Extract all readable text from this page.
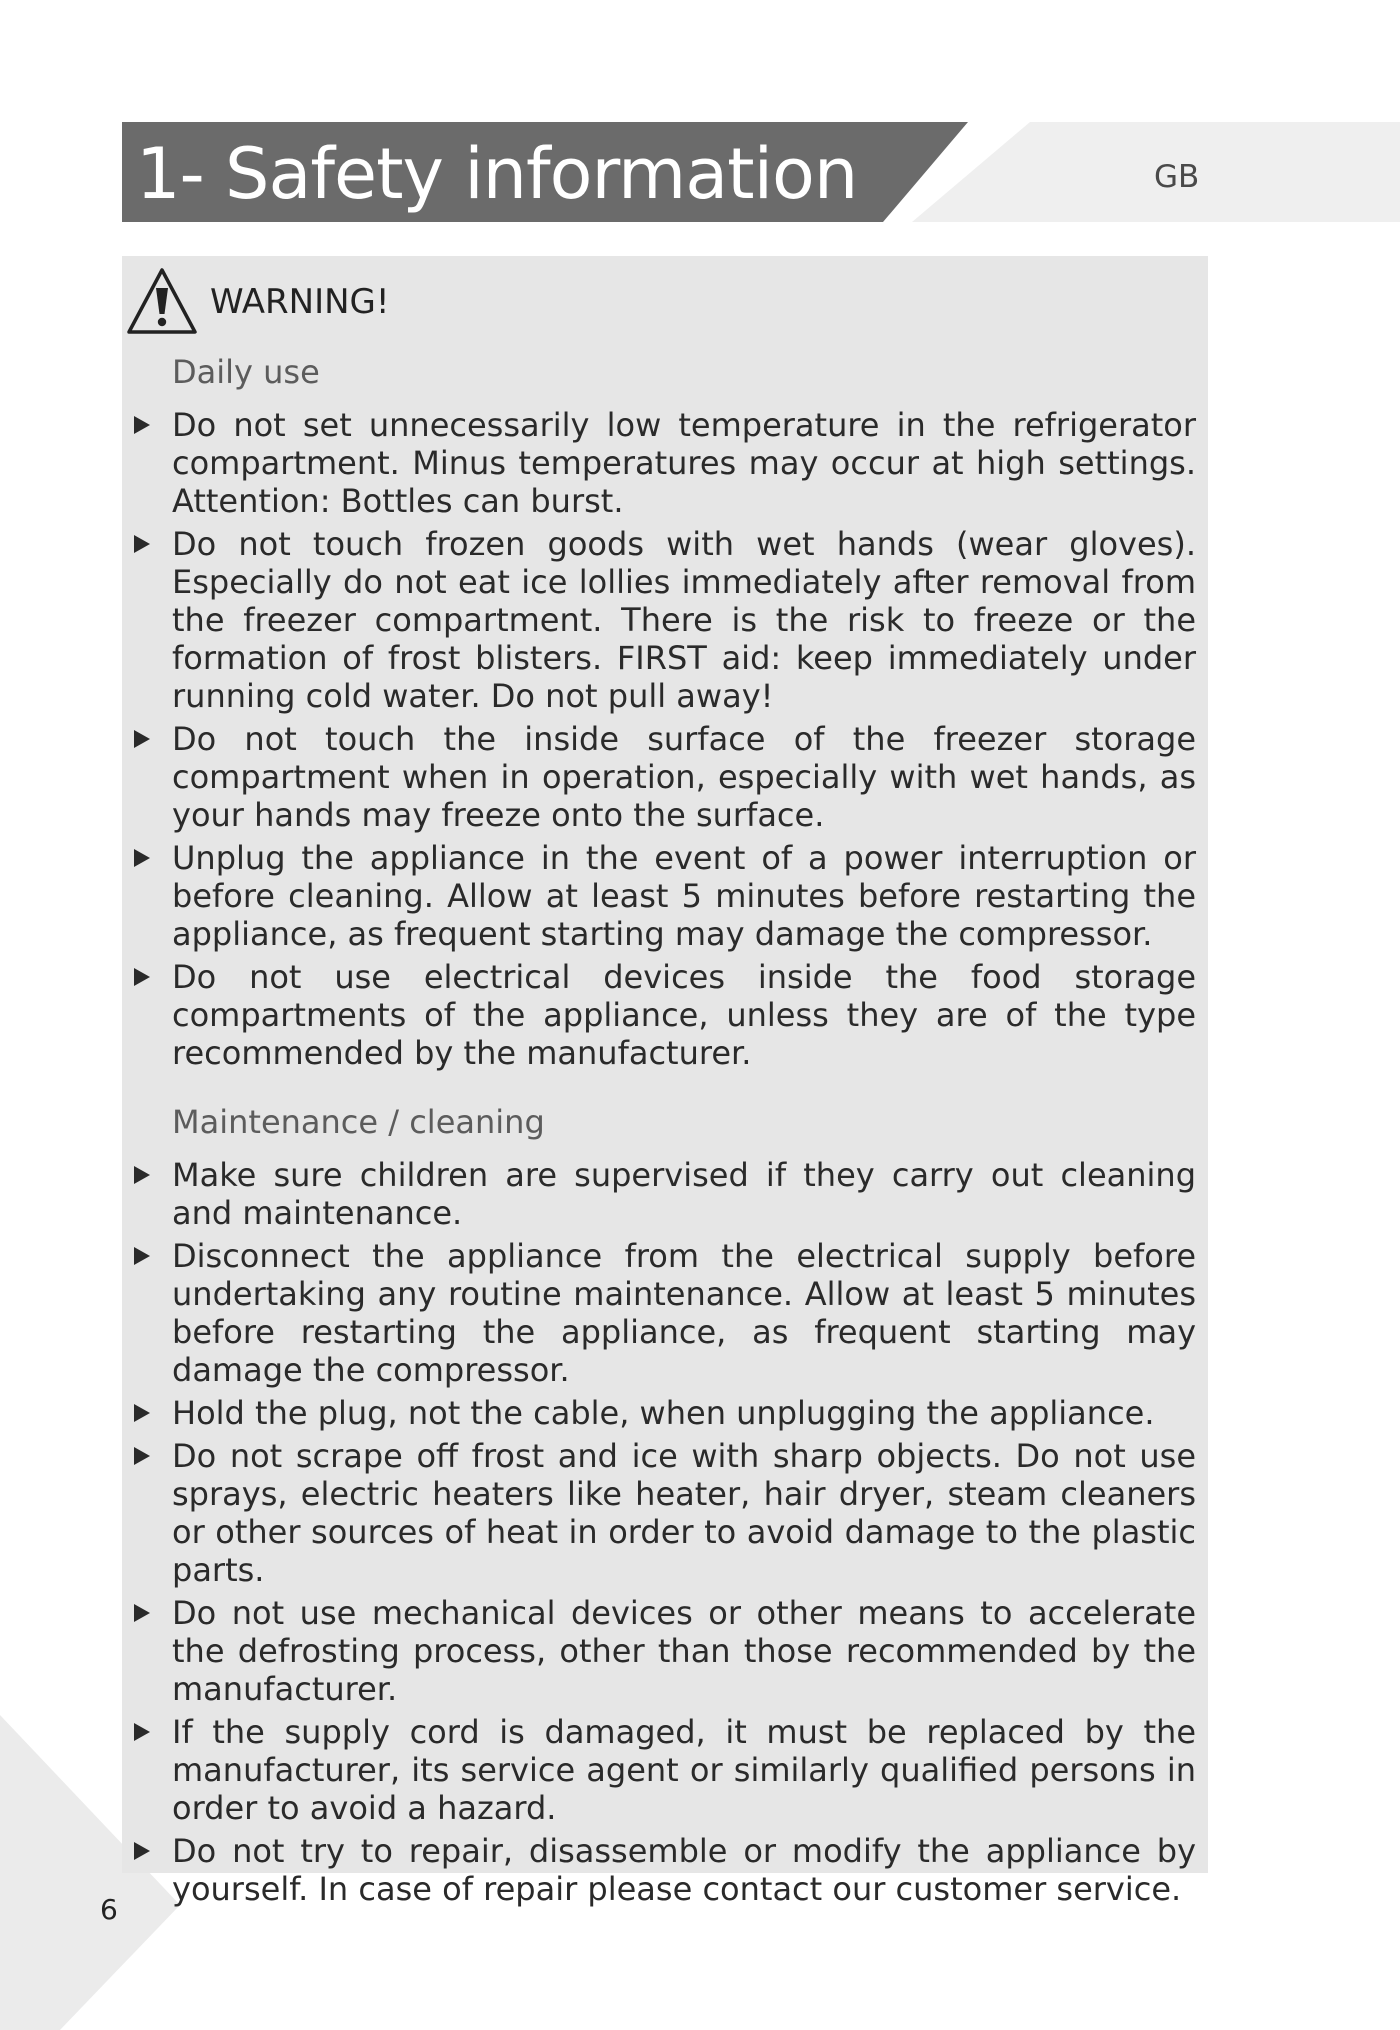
1- Safety information	GB
WARNING!
Daily use
Do not set unnecessarily low temperature in the refrigerator compartment. Minus temperatures may occur at high settings. Attention: Bottles can burst.
Do not touch frozen goods with wet hands (wear gloves). Especially do not eat ice lollies immediately after removal from the freezer compartment. There is the risk to freeze or the formation of frost blisters. FIRST aid: keep immediately under running cold water. Do not pull away!
Do not touch the inside surface of the freezer storage compartment when in operation, especially with wet hands, as your hands may freeze onto the surface.
Unplug the appliance in the event of a power interruption or before cleaning. Allow at least 5 minutes before restarting the appliance, as frequent starting may damage the compressor.
Do not use electrical devices inside the food storage compartments of the appliance, unless they are of the type recommended by the manufacturer.
Maintenance / cleaning
Make sure children are supervised if they carry out cleaning and maintenance.
Disconnect the appliance from the electrical supply before undertaking any routine maintenance. Allow at least 5 minutes before restarting the appliance, as frequent starting may damage the compressor.
Hold the plug, not the cable, when unplugging the appliance.
Do not scrape off frost and ice with sharp objects. Do not use sprays, electric heaters like heater, hair dryer, steam cleaners or other sources of heat in order to avoid damage to the plastic parts.
Do not use mechanical devices or other means to accelerate the defrosting process, other than those recommended by the manufacturer.
If the supply cord is damaged, it must be replaced by the manufacturer, its service agent or similarly qualified persons in order to avoid a hazard.
Do not try to repair, disassemble or modify the appliance by yourself. In case of repair please contact our customer service.
6
